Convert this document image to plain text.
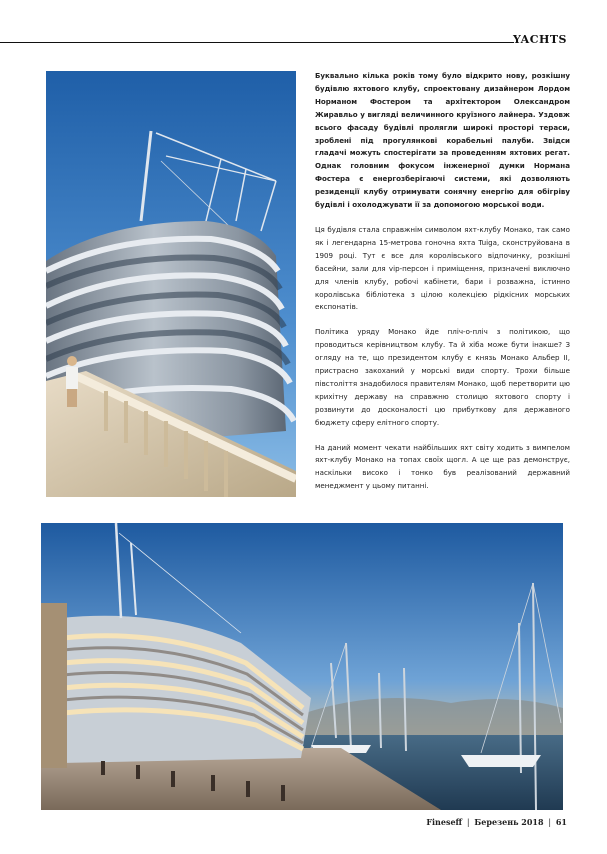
YACHTS

Буквально кілька років тому було відкрито нову, розкішну будівлю яхтового клубу, спроектовану дизайнером Лордом Норманом Фостером та архітектором Олександром Жиравльо у вигляді величинного круїзного лайнера. Уздовж всього фасаду будівлі пролягли широкі просторі тераси, зроблені під прогулянкові корабельні палуби. Звідси гладачі можуть спостерігати за проведенням яхтових регат. Однак головним фокусом інженерної думки Нормана Фостера є енергозберігаючі системи, які дозволяють резиденції клубу отримувати сонячну енергію для обігріву будівлі і охолоджувати її за допомогою морської води.

Ця будівля стала справжнім символом яхт-клубу Монако, так само як і легендарна 15-метрова гоночна яхта Tuiga, сконструйована в 1909 році. Тут є все для королівського відпочинку, розкішні басейни, зали для vip-персон і приміщення, призначені виключно для членів клубу, робочі кабінети, бари і розважна, істинно королівська бібліотека з цілою колекцією рідкісних морських експонатів.

Політика уряду Монако йде пліч-о-пліч з політикою, що проводиться керівництвом клубу. Та й хіба може бути інакше? З огляду на те, що президентом клубу є князь Монако Альбер ІІ, пристрасно закоханий у морські види спорту. Трохи більше півстоліття знадобилося правителям Монако, щоб перетворити цю крихітну державу на справжню столицю яхтового спорту і розвинути до досконалості цю прибуткову для державного бюджету сферу елітного спорту.

На даний момент чекати найбільших яхт світу ходить з вимпелом яхт-клубу Монако на топах своїх щогл. А це ще раз демонструє, наскільки високо і тонко був реалізований державний менеджмент у цьому питанні.

Fineseff | Березень 2018 | 61
